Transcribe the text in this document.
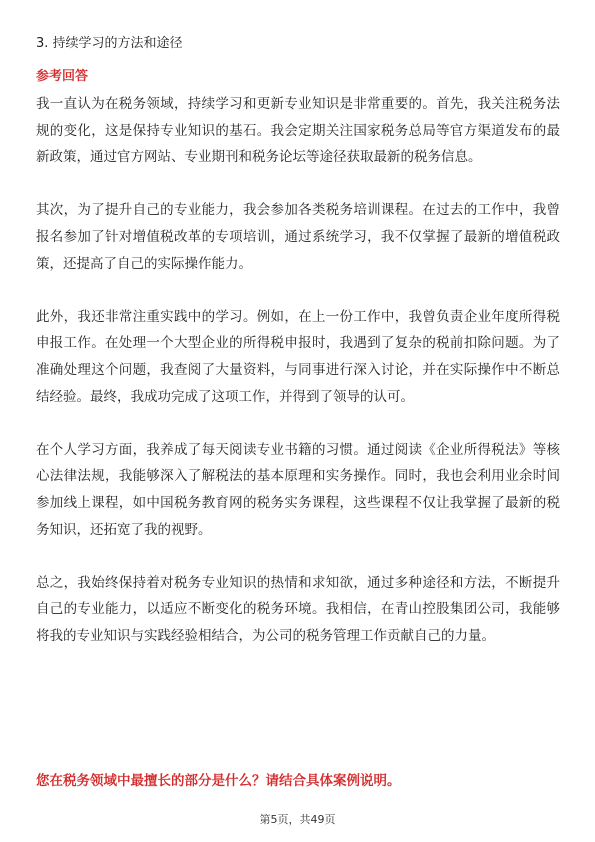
3. 持续学习的方法和途径
参考回答

我一直认为在税务领域，持续学习和更新专业知识是非常重要的。首先，我关注税务法规的变化，这是保持专业知识的基石。我会定期关注国家税务总局等官方渠道发布的最新政策，通过官方网站、专业期刊和税务论坛等途径获取最新的税务信息。

其次，为了提升自己的专业能力，我会参加各类税务培训课程。在过去的工作中，我曾报名参加了针对增值税改革的专项培训，通过系统学习，我不仅掌握了最新的增值税政策，还提高了自己的实际操作能力。

此外，我还非常注重实践中的学习。例如，在上一份工作中，我曾负责企业年度所得税申报工作。在处理一个大型企业的所得税申报时，我遇到了复杂的税前扣除问题。为了准确处理这个问题，我查阅了大量资料，与同事进行深入讨论，并在实际操作中不断总结经验。最终，我成功完成了这项工作，并得到了领导的认可。

在个人学习方面，我养成了每天阅读专业书籍的习惯。通过阅读《企业所得税法》等核心法律法规，我能够深入了解税法的基本原理和实务操作。同时，我也会利用业余时间参加线上课程，如中国税务教育网的税务实务课程，这些课程不仅让我掌握了最新的税务知识，还拓宽了我的视野。

总之，我始终保持着对税务专业知识的热情和求知欲，通过多种途径和方法，不断提升自己的专业能力，以适应不断变化的税务环境。我相信，在青山控股集团公司，我能够将我的专业知识与实践经验相结合，为公司的税务管理工作贡献自己的力量。

您在税务领域中最擅长的部分是什么？请结合具体案例说明。
第5页，共49页
